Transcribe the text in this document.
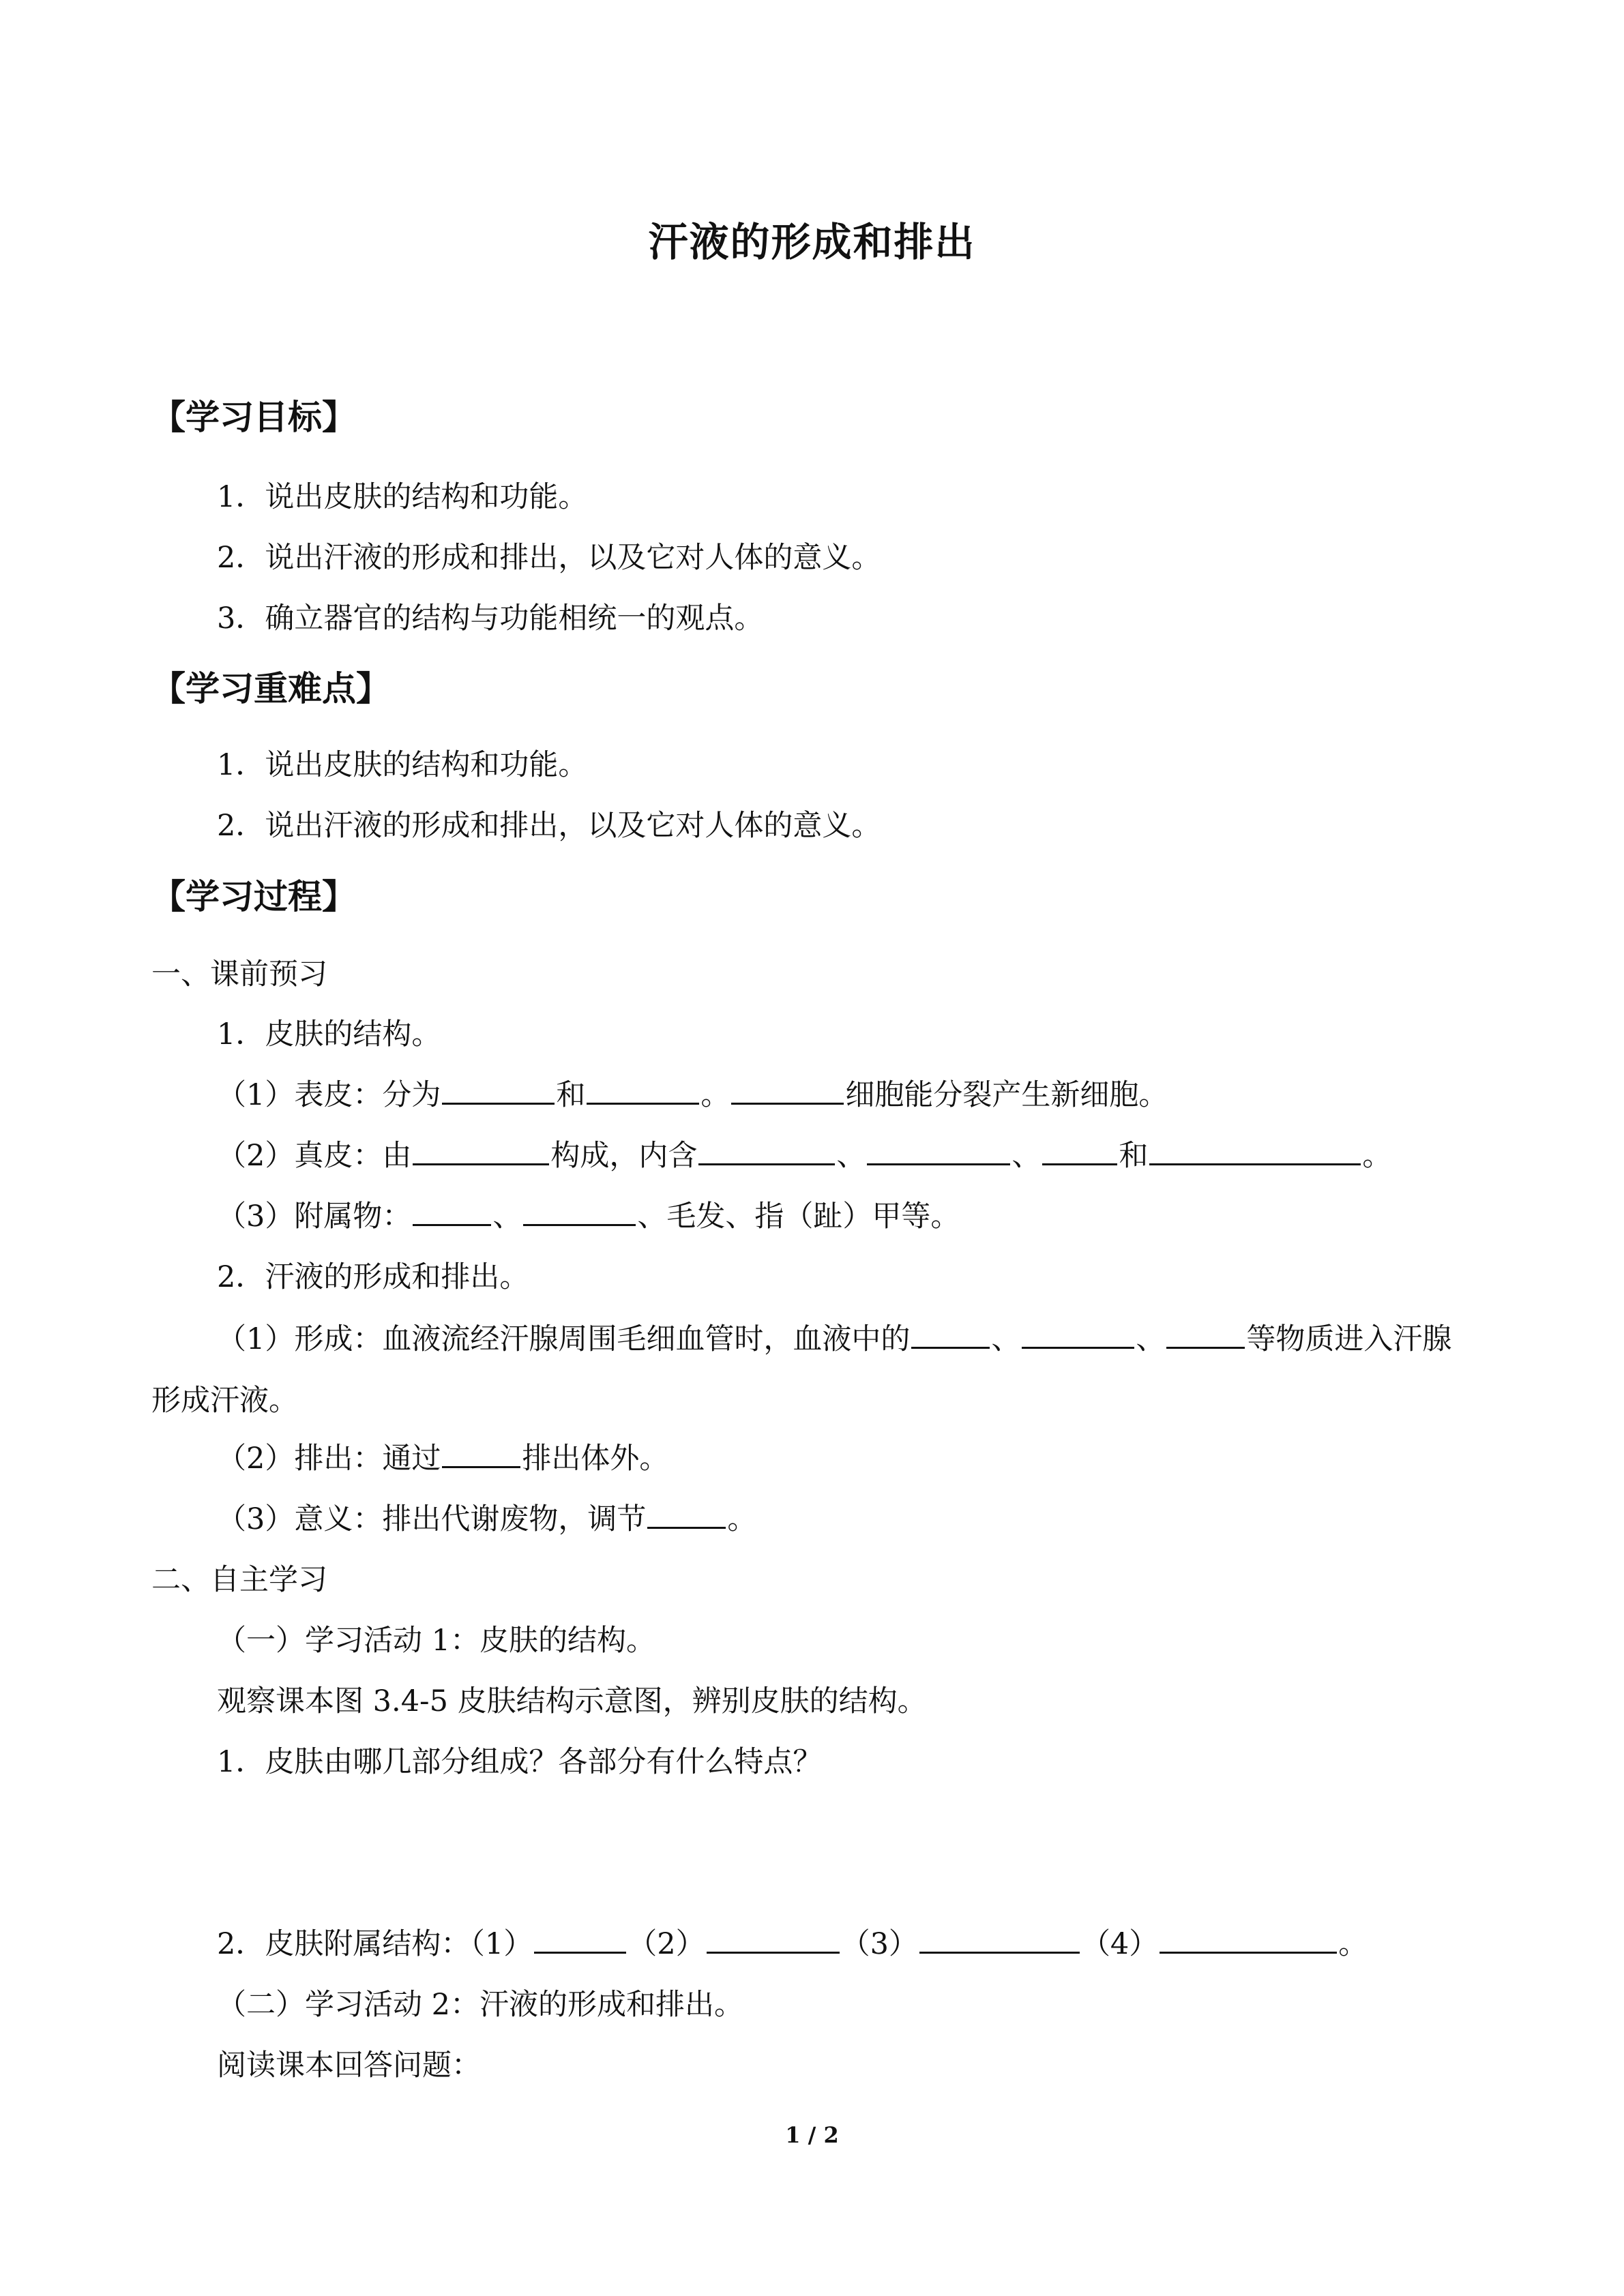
汗液的形成和排出
【学习目标】
1．说出皮肤的结构和功能。
2．说出汗液的形成和排出，以及它对人体的意义。
3．确立器官的结构与功能相统一的观点。
【学习重难点】
1．说出皮肤的结构和功能。
2．说出汗液的形成和排出，以及它对人体的意义。
【学习过程】
一、课前预习
1．皮肤的结构。
（1）表皮：分为	和	。	细胞能分裂产生新细胞。
（2）真皮：由	构成，内含	、	、	和	。
（3）附属物：	、	、毛发、指（趾）甲等。
2．汗液的形成和排出。
（1）形成：血液流经汗腺周围毛细血管时，血液中的	、	、	等物质进入汗腺形成汗液。
（2）排出：通过	排出体外。
（3）意义：排出代谢废物，调节	。
二、自主学习
（一）学习活动 1：皮肤的结构。
观察课本图 3.4-5 皮肤结构示意图，辨别皮肤的结构。
1．皮肤由哪几部分组成？各部分有什么特点？
2．皮肤附属结构：（1）	（2）	（3）	（4）	。
（二）学习活动 2：汗液的形成和排出。
阅读课本回答问题：
1 / 2
